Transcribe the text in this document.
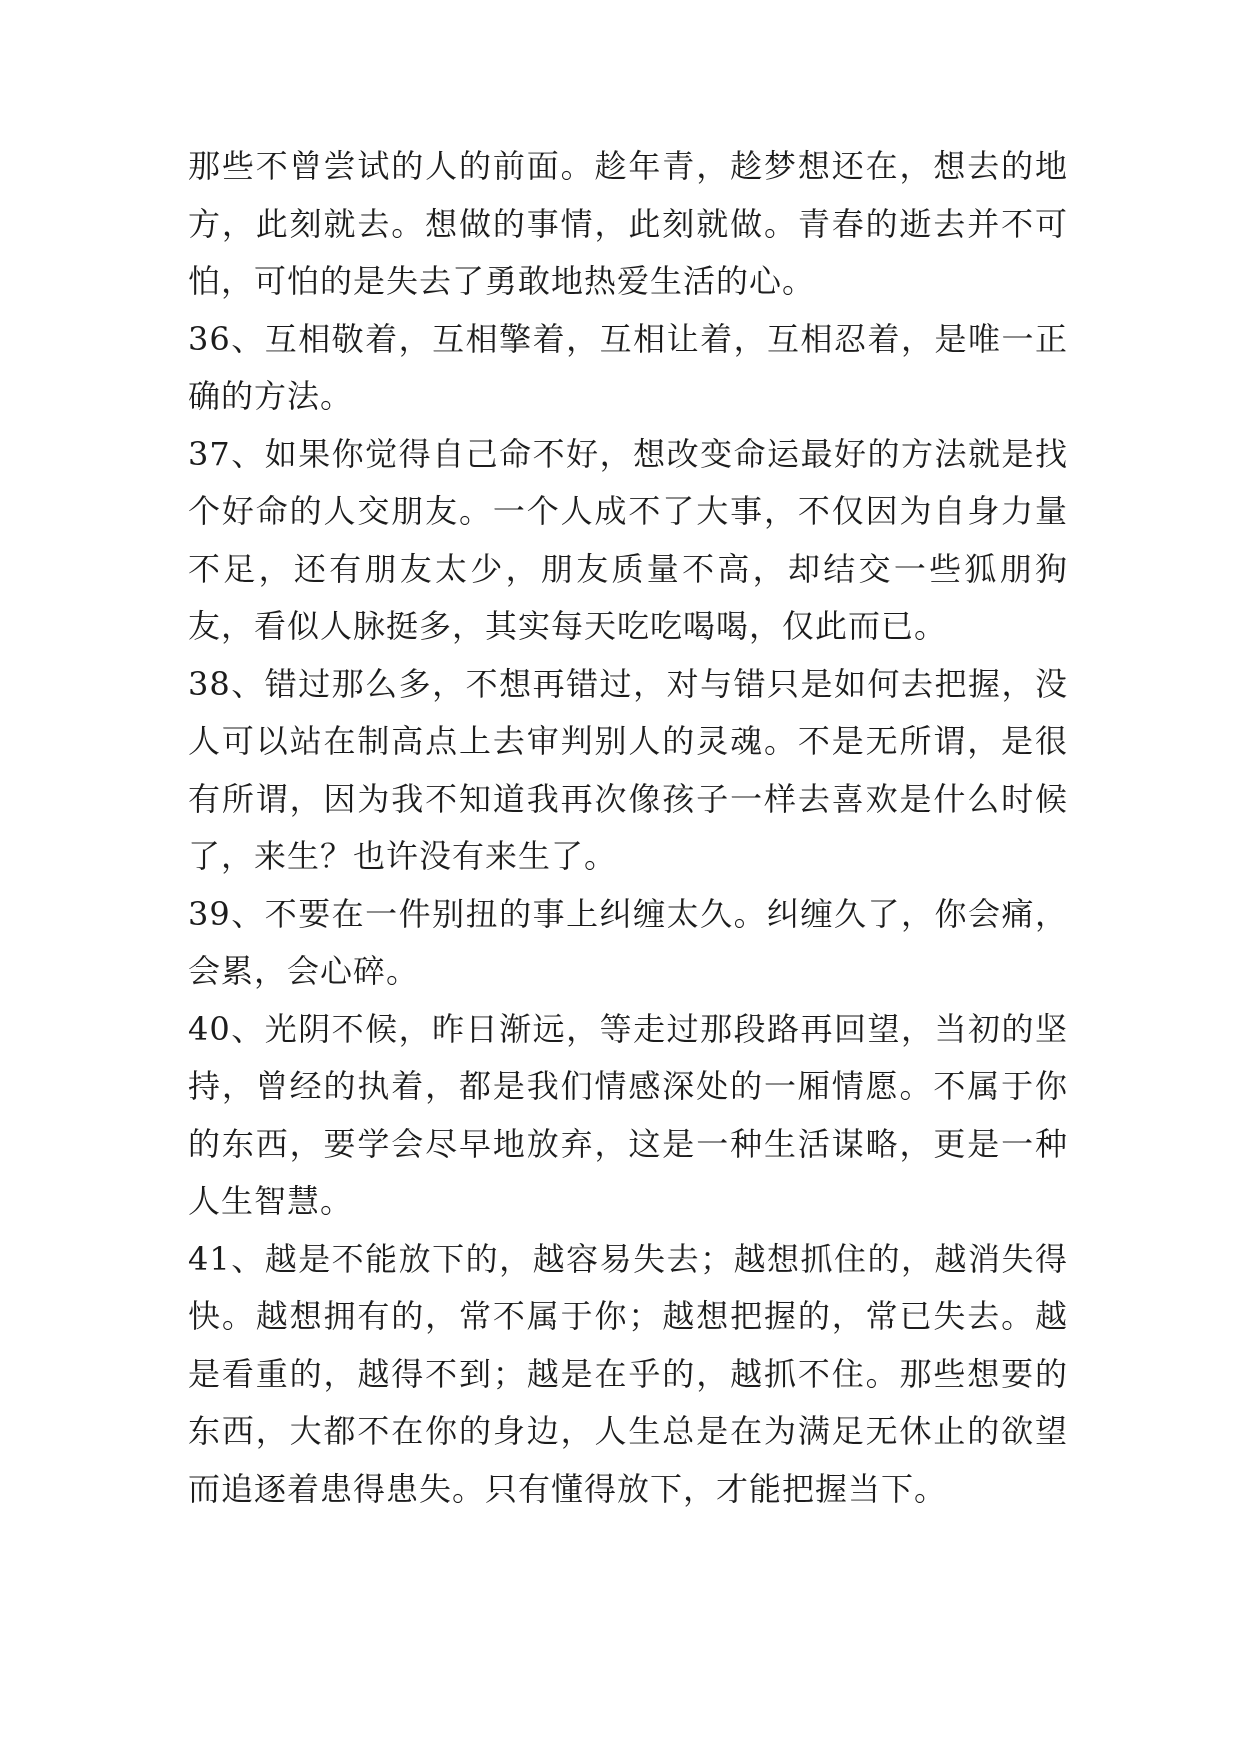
那些不曾尝试的人的前面。趁年青，趁梦想还在，想去的地方，此刻就去。想做的事情，此刻就做。青春的逝去并不可怕，可怕的是失去了勇敢地热爱生活的心。

36、互相敬着，互相擎着，互相让着，互相忍着，是唯一正确的方法。

37、如果你觉得自己命不好，想改变命运最好的方法就是找个好命的人交朋友。一个人成不了大事，不仅因为自身力量不足，还有朋友太少，朋友质量不高，却结交一些狐朋狗友，看似人脉挺多，其实每天吃吃喝喝，仅此而已。

38、错过那么多，不想再错过，对与错只是如何去把握，没人可以站在制高点上去审判别人的灵魂。不是无所谓，是很有所谓，因为我不知道我再次像孩子一样去喜欢是什么时候了，来生？也许没有来生了。

39、不要在一件别扭的事上纠缠太久。纠缠久了，你会痛，会累，会心碎。

40、光阴不候，昨日渐远，等走过那段路再回望，当初的坚持，曾经的执着，都是我们情感深处的一厢情愿。不属于你的东西，要学会尽早地放弃，这是一种生活谋略，更是一种人生智慧。

41、越是不能放下的，越容易失去；越想抓住的，越消失得快。越想拥有的，常不属于你；越想把握的，常已失去。越是看重的，越得不到；越是在乎的，越抓不住。那些想要的东西，大都不在你的身边，人生总是在为满足无休止的欲望而追逐着患得患失。只有懂得放下，才能把握当下。
